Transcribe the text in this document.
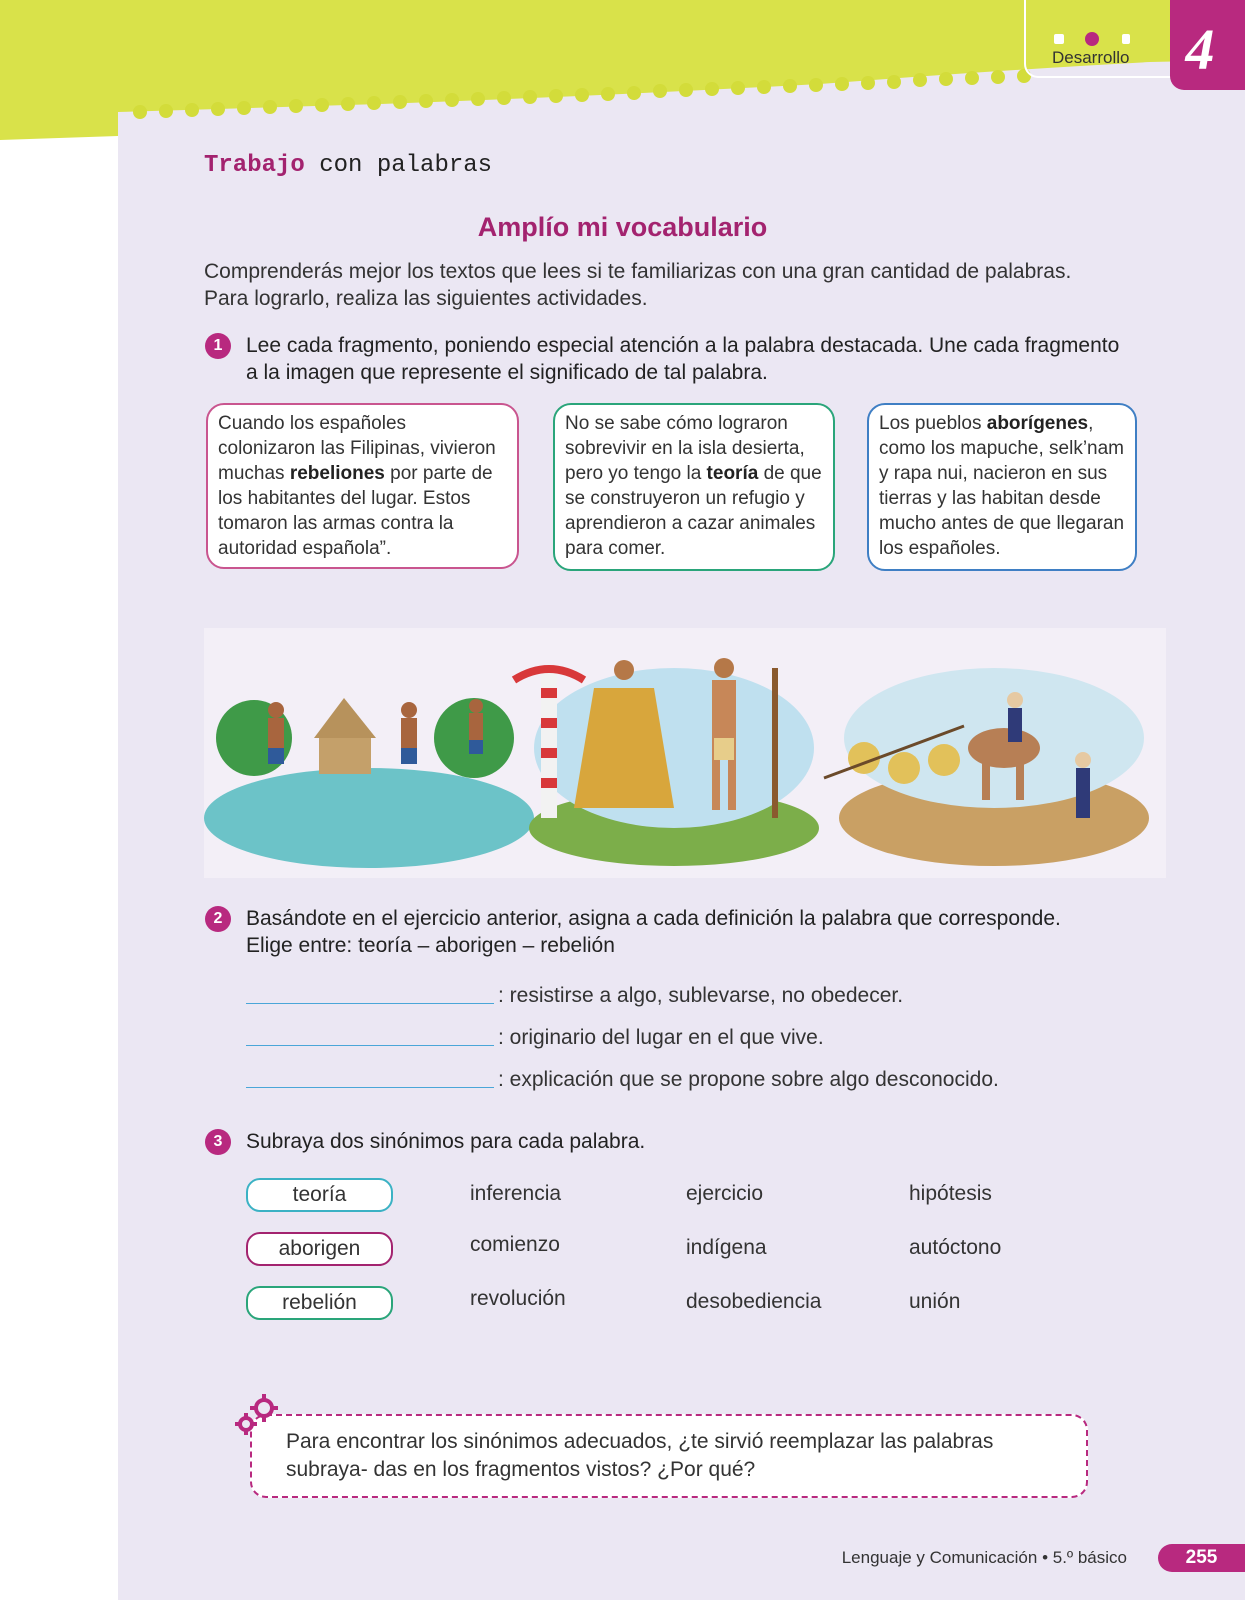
Desarrollo 4
Trabajo con palabras
Amplío mi vocabulario
Comprenderás mejor los textos que lees si te familiarizas con una gran cantidad de palabras. Para lograrlo, realiza las siguientes actividades.
1	Lee cada fragmento, poniendo especial atención a la palabra destacada. Une cada fragmento a la imagen que represente el significado de tal palabra.
Cuando los españoles colonizaron las Filipinas, vivieron muchas rebeliones por parte de los habitantes del lugar. Estos tomaron las armas contra la autoridad española”.
No se sabe cómo lograron sobrevivir en la isla desierta, pero yo tengo la teoría de que se construyeron un refugio y aprendieron a cazar animales para comer.
Los pueblos aborígenes, como los mapuche, selk’nam y rapa nui, nacieron en sus tierras y las habitan desde mucho antes de que llegaran los españoles.
2	Basándote en el ejercicio anterior, asigna a cada definición la palabra que corresponde.
Elige entre: teoría – aborigen – rebelión
: resistirse a algo, sublevarse, no obedecer.
: originario del lugar en el que vive.
: explicación que se propone sobre algo desconocido.
3	Subraya dos sinónimos para cada palabra.
teoría	inferencia	ejercicio	hipótesis
aborigen	comienzo	indígena	autóctono
rebelión	revolución	desobediencia	unión
Para encontrar los sinónimos adecuados, ¿te sirvió reemplazar las palabras subraya- das en los fragmentos vistos? ¿Por qué?
Lenguaje y Comunicación • 5.º básico	255
